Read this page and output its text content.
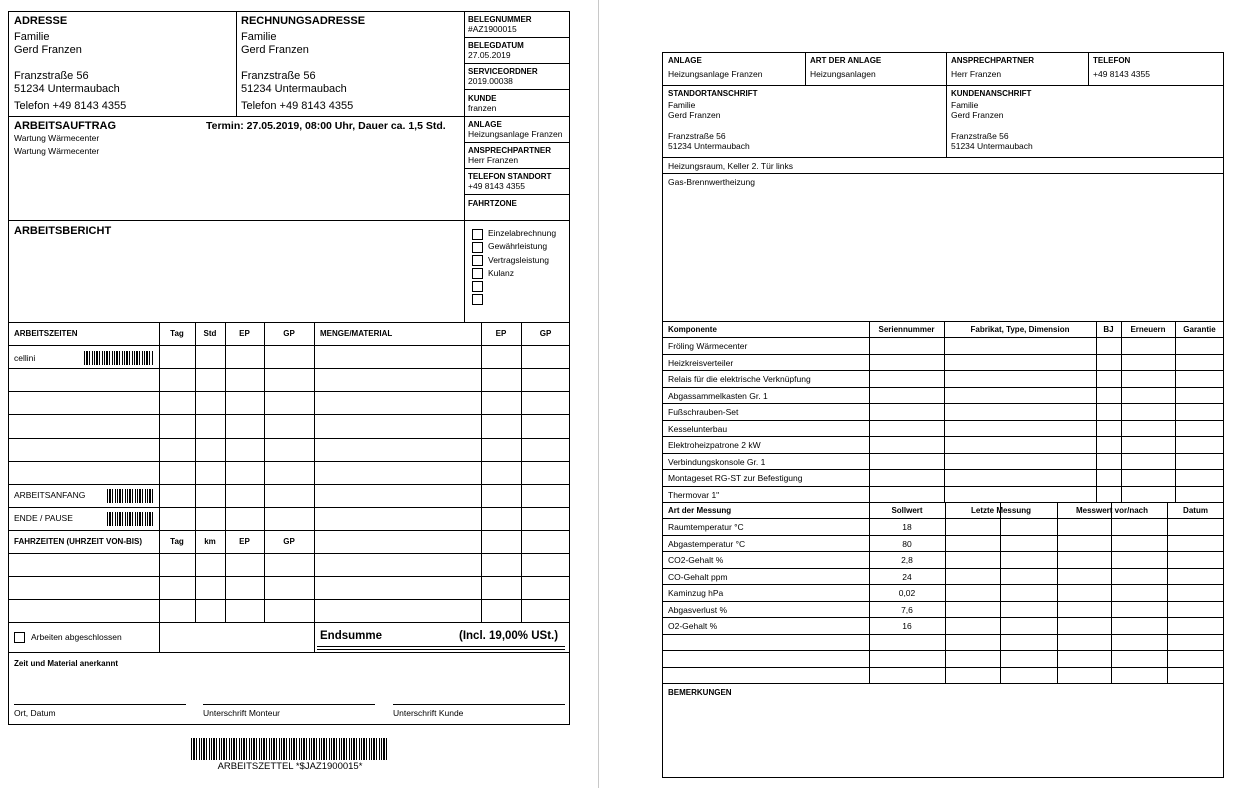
ADRESSE
Familie
Gerd Franzen
Franzstraße 56
51234 Untermaubach
Telefon +49 8143 4355
RECHNUNGSADRESSE
Familie
Gerd Franzen
Franzstraße 56
51234 Untermaubach
Telefon +49 8143 4355
BELEGNUMMER
#AZ1900015
BELEGDATUM
27.05.2019
SERVICEORDNER
2019.00038
KUNDE
franzen
ANLAGE
Heizungsanlage Franzen
ANSPRECHPARTNER
Herr Franzen
TELEFON STANDORT
+49 8143 4355
FAHRTZONE
ARBEITSAUFTRAG	Termin: 27.05.2019, 08:00 Uhr, Dauer ca. 1,5 Std.
Wartung Wärmecenter
Wartung Wärmecenter
ARBEITSBERICHT	Einzelabrechnung
Gewährleistung
Vertragsleistung
Kulanz
ARBEITSZEITEN	Tag	Std	EP	GP	MENGE/MATERIAL	EP	GP
cellini
ARBEITSANFANG
ENDE / PAUSE
FAHRZEITEN (UHRZEIT VON-BIS)	Tag	km	EP	GP
Arbeiten abgeschlossen	Endsumme	(Incl. 19,00% USt.)
Zeit und Material anerkannt
Ort, Datum	Unterschrift Monteur	Unterschrift Kunde
ARBEITSZETTEL *$JAZ1900015*
ANLAGE
Heizungsanlage Franzen
ART DER ANLAGE
Heizungsanlagen
ANSPRECHPARTNER
Herr Franzen
TELEFON
+49 8143 4355
STANDORTANSCHRIFT
Familie
Gerd Franzen
Franzstraße 56
51234 Untermaubach
KUNDENANSCHRIFT
Familie
Gerd Franzen
Franzstraße 56
51234 Untermaubach
Heizungsraum, Keller 2. Tür links
Gas-Brennwertheizung
Komponente	Seriennummer	Fabrikat, Type, Dimension	BJ	Erneuern	Garantie
Fröling Wärmecenter
Heizkreisverteiler
Relais für die elektrische Verknüpfung
Abgassammelkasten Gr. 1
Fußschrauben-Set
Kesselunterbau
Elektroheizpatrone 2 kW
Verbindungskonsole Gr. 1
Montageset RG-ST zur Befestigung
Thermovar 1"
Art der Messung	Sollwert	Letzte Messung	Messwert vor/nach	Datum
Raumtemperatur °C	18
Abgastemperatur °C	80
CO2-Gehalt %	2,8
CO-Gehalt ppm	24
Kaminzug hPa	0,02
Abgasverlust %	7,6
O2-Gehalt %	16
BEMERKUNGEN
